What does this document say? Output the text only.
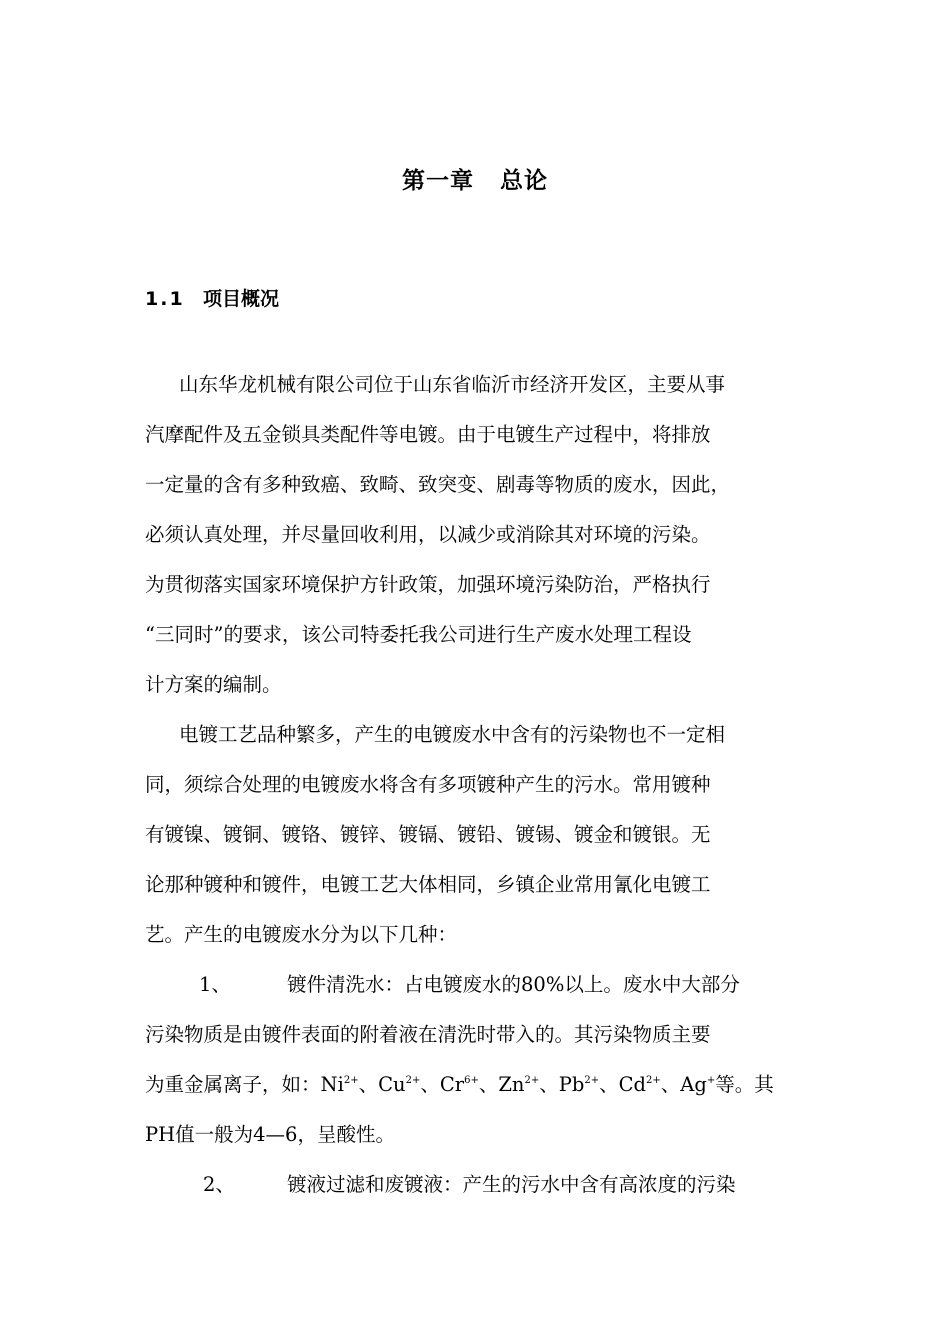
第一章 总论
1.1 项目概况
山东华龙机械有限公司位于山东省临沂市经济开发区，主要从事
汽摩配件及五金锁具类配件等电镀。由于电镀生产过程中，将排放
一定量的含有多种致癌、致畸、致突变、剧毒等物质的废水，因此，
必须认真处理，并尽量回收利用，以减少或消除其对环境的污染。
为贯彻落实国家环境保护方针政策，加强环境污染防治，严格执行
“三同时”的要求，该公司特委托我公司进行生产废水处理工程设
计方案的编制。
电镀工艺品种繁多，产生的电镀废水中含有的污染物也不一定相
同，须综合处理的电镀废水将含有多项镀种产生的污水。常用镀种
有镀镍、镀铜、镀铬、镀锌、镀镉、镀铅、镀锡、镀金和镀银。无
论那种镀种和镀件，电镀工艺大体相同，乡镇企业常用氰化电镀工
艺。产生的电镀废水分为以下几种：
1、	镀件清洗水：占电镀废水的80%以上。废水中大部分
污染物质是由镀件表面的附着液在清洗时带入的。其污染物质主要
为重金属离子，如：$Ni^{2+}$、$Cu^{2+}$、$Cr^{6+}$、$Zn^{2+}$、$Pb^{2+}$、$Cd^{2+}$、Ag+等。其
PH值一般为4—6，呈酸性。
2、	镀液过滤和废镀液：产生的污水中含有高浓度的污染
